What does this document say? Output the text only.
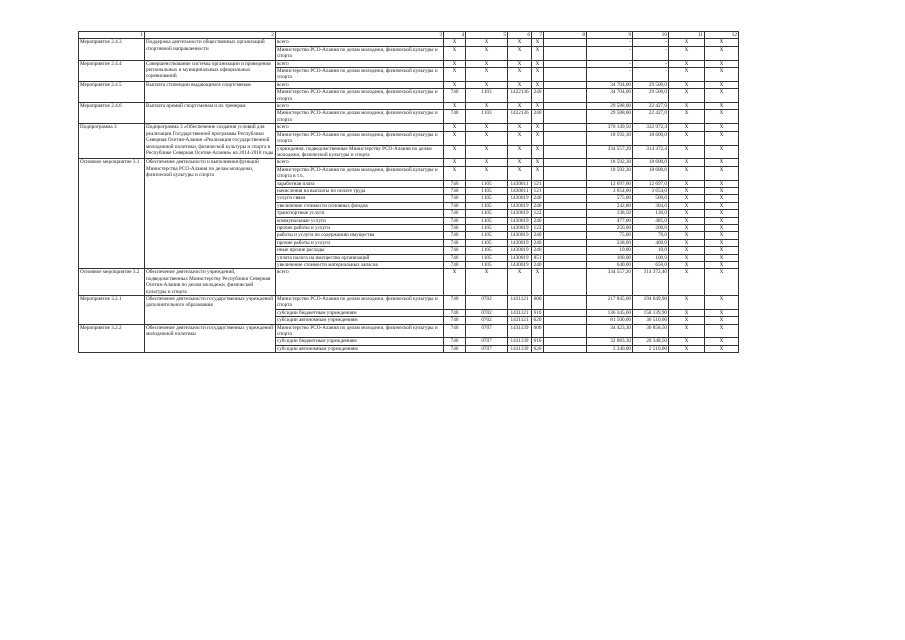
1	2	3	4	5	6	7	8	9	10	11	12	
Мероприятие 2.4.3	Поддержка деятельности общественных организаций спортивной направленности	всего	X	X	X	X		-	-	X	X	
		Министерство РСО-Алания по делам молодежи, физической культуры и спорта	X	X	X	X		-	-	X	X	
Мероприятие 2.4.4	Совершенствование системы организации и проведения региональных и муниципальных официальных соревнований	всего	X	X	X	X		-	-	X	X	
		Министерство РСО-Алания по делам молодежи, физической культуры и спорта	X	X	X	X		-	-	X	X	
Мероприятие 2.4.5	Выплата стипендии выдающимся спортсменам	всего	X	X	X	X		34 704,00	29 500,0	X	X	
		Министерство РСО-Алания по делам молодежи, физической культуры и спорта	740	1103	1422136	240		34 704,00	29 500,0	X	X	
Мероприятие 2.4.6	Выплата премий спортсменам и их тренерам	всего	X	X	X	X		29 588,00	22 427,0	X	X	
		Министерство РСО-Алания по делам молодежи, физической культуры и спорта	740	1103	1422136	240		29 588,00	22 427,0	X	X	
Подпрограмма 3	Подпрограмма 3 «Обеспечение создания условий для реализации Государственной программы Республики Северная Осетия-Алания «Реализация государственной молодежной политики, физической культуры и спорта в Республике Северная Осетия-Алания» на 2014-2018 годы	всего	X	X	X	X		370 149,50	332 972,4	X	X	
		Министерство РСО-Алания по делам молодежи, физической культуры и спорта	X	X	X	X		18 592,30	18 600,0	X	X	
		учреждения, подведомственные Министерству РСО-Алания по делам молодежи, физической культуры и спорта	X	X	X	X		334 557,20	314 372,4	X	X	
Основное мероприятие 3.1	Обеспечение деятельности и выполнения функций Министерства РСО-Алания по делам молодежи, физической культуры и спорта	всего	X	X	X	X		18 592,30	18 600,0	X	X	
		Министерство РСО-Алания по делам молодежи, физической культуры и спорта в т.ч.	X	X	X	X		18 592,30	18 600,0	X	X	
		заработная плата	740	1105	1430011	121		12 697,00	12 697,0	X	X	
		начисления на выплаты по оплате труда	740	1105	1430011	121		3 654,00	3 654,0	X	X	
		услуги связи	740	1105	1430019	240		575,00	500,0	X	X	
		увеличение стоимости основных фондов	740	1105	1430019	240		242,80	304,0	X	X	
		транспортные услуги	740	1105	1430019	122		138,50	130,0	X	X	
		коммунальные услуги	740	1105	1430019	240		477,00	485,0	X	X	
		прочие работы и услуги	740	1105	1430019	122		250,00	200,0	X	X	
		работы и услуги по содержанию имущества	740	1105	1430019	240		75,00	70,0	X	X	
		прочие работы и услуги	740	1105	1430019	240		338,00	400,0	X	X	
		иные прочие расходы	740	1105	1430019	240		10,00	10,0	X	X	
		уплата налога на имущество организаций	740	1105	1430019	851		100,00	100,0	X	X	
		увеличение стоимости материальных запасов	740	1105	1430019	240		640,00	650,0	X	X	
Основное мероприятие 3.2	Обеспечение деятельности учреждений, подведомственных Министерству Республики Северная Осетия-Алания по делам молодежи, физической культуры и спорта	всего	X	X	X	X		334 557,20	314 372,40	X	X	
Мероприятие 3.2.1	Обеспечение деятельности государственных учреждений дополнительного образования	Министерство РСО-Алания по делам молодежи, физической культуры и спорта	740	0702	1431121	600		217 845,60	194 649,90	X	X	
		субсидии бюджетным учреждениям	740	0702	1431121	610		136 345,60	158 139,90	X	X	
		субсидии автономным учреждениям	740	0702	1431121	620		81 500,00	36 510,00	X	X	
Мероприятие 3.2.2	Обеспечение деятельности государственных учреждений молодежной политики	Министерство РСО-Алания по делам молодежи, физической культуры и спорта	740	0707	1431139	600		34 423,30	30 858,50	X	X	
		субсидии бюджетным учреждениям	740	0707	1431139	610		32 083,30	28 348,50	X	X	
		субсидии автономным учреждениям	740	0707	1431139	620		2 340,00	2 510,00	X	X	
